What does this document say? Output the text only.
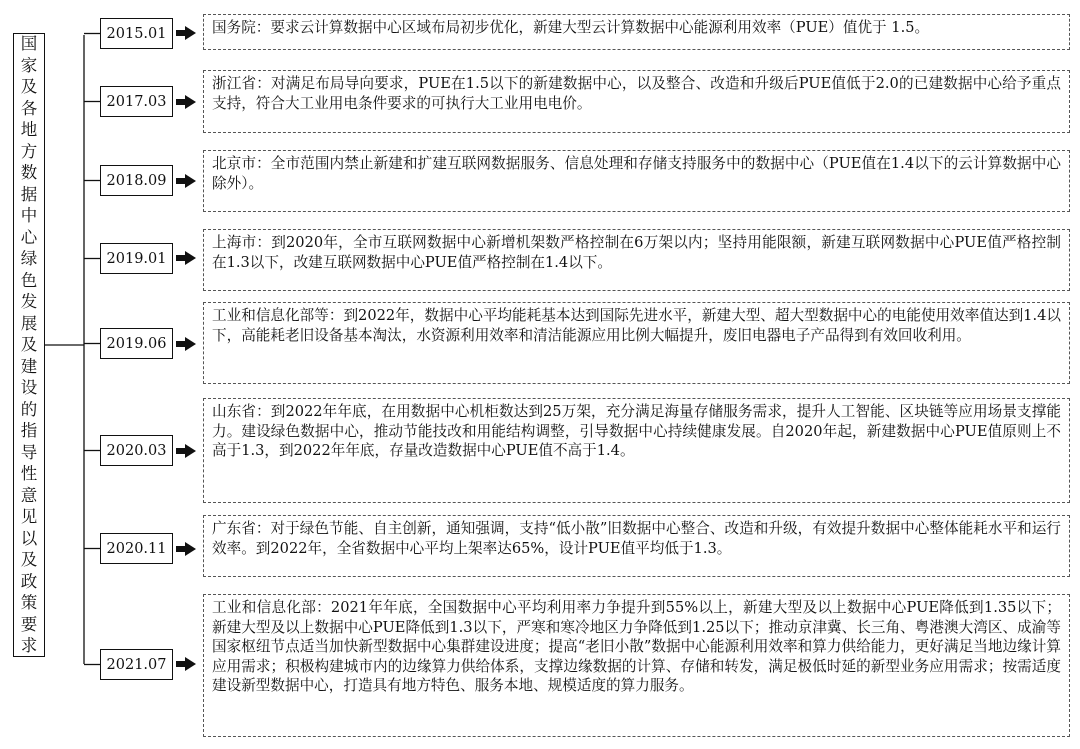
国家及各地方数据中心绿色发展及建设的指导性意见以及政策要求
2015.01	国务院：要求云计算数据中心区域布局初步优化，新建大型云计算数据中心能源利用效率（PUE）值优于 1.5。
2017.03
浙江省：对满足布局导向要求，PUE在1.5以下的新建数据中心，以及整合、改造和升级后PUE值低于2.0的已建数据中心给予重点支持，符合大工业用电条件要求的可执行大工业用电电价。
2018.09
北京市：全市范围内禁止新建和扩建互联网数据服务、信息处理和存储支持服务中的数据中心（PUE值在1.4以下的云计算数据中心除外）。
2019.01
上海市：到2020年，全市互联网数据中心新增机架数严格控制在6万架以内；坚持用能限额，新建互联网数据中心PUE值严格控制在1.3以下，改建互联网数据中心PUE值严格控制在1.4以下。
2019.06
工业和信息化部等：到2022年，数据中心平均能耗基本达到国际先进水平，新建大型、超大型数据中心的电能使用效率值达到1.4以下，高能耗老旧设备基本淘汰，水资源利用效率和清洁能源应用比例大幅提升，废旧电器电子产品得到有效回收利用。
2020.03
山东省：到2022年年底，在用数据中心机柜数达到25万架，充分满足海量存储服务需求，提升人工智能、区块链等应用场景支撑能力。建设绿色数据中心，推动节能技改和用能结构调整，引导数据中心持续健康发展。自2020年起，新建数据中心PUE值原则上不高于1.3，到2022年年底，存量改造数据中心PUE值不高于1.4。
2020.11
广东省：对于绿色节能、自主创新，通知强调，支持“低小散”旧数据中心整合、改造和升级，有效提升数据中心整体能耗水平和运行效率。到2022年，全省数据中心平均上架率达65%，设计PUE值平均低于1.3。
2021.07
工业和信息化部：2021年年底，全国数据中心平均利用率力争提升到55%以上，新建大型及以上数据中心PUE降低到1.35以下；新建大型及以上数据中心PUE降低到1.3以下，严寒和寒冷地区力争降低到1.25以下；推动京津冀、长三角、粤港澳大湾区、成渝等国家枢纽节点适当加快新型数据中心集群建设进度；提高“老旧小散”数据中心能源利用效率和算力供给能力，更好满足当地边缘计算应用需求；积极构建城市内的边缘算力供给体系，支撑边缘数据的计算、存储和转发，满足极低时延的新型业务应用需求；按需适度建设新型数据中心，打造具有地方特色、服务本地、规模适度的算力服务。
